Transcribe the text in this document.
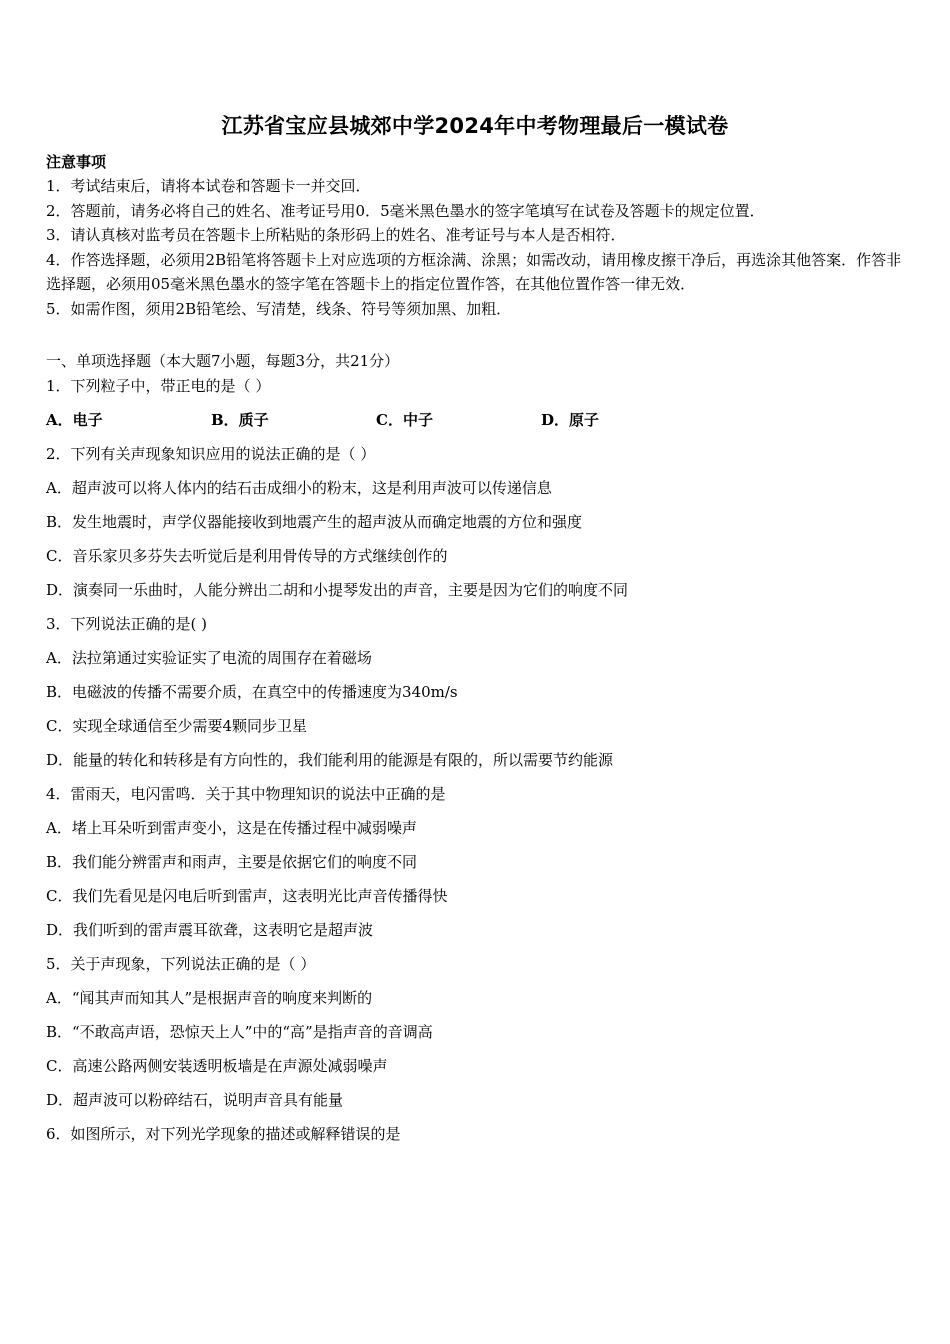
江苏省宝应县城郊中学2024年中考物理最后一模试卷
注意事项

1．考试结束后，请将本试卷和答题卡一并交回．

2．答题前，请务必将自己的姓名、准考证号用0．5毫米黑色墨水的签字笔填写在试卷及答题卡的规定位置．

3．请认真核对监考员在答题卡上所粘贴的条形码上的姓名、准考证号与本人是否相符．

4．作答选择题，必须用2B铅笔将答题卡上对应选项的方框涂满、涂黑；如需改动，请用橡皮擦干净后，再选涂其他答案．作答非选择题，必须用05毫米黑色墨水的签字笔在答题卡上的指定位置作答，在其他位置作答一律无效．

5．如需作图，须用2B铅笔绘、写清楚，线条、符号等须加黑、加粗．

一、单项选择题（本大题7小题，每题3分，共21分）
1．下列粒子中，带正电的是（ ）
A．电子	B．质子	C．中子	D．原子
2．下列有关声现象知识应用的说法正确的是（ ）
A．超声波可以将人体内的结石击成细小的粉末，这是利用声波可以传递信息
B．发生地震时，声学仪器能接收到地震产生的超声波从而确定地震的方位和强度
C．音乐家贝多芬失去听觉后是利用骨传导的方式继续创作的
D．演奏同一乐曲时，人能分辨出二胡和小提琴发出的声音，主要是因为它们的响度不同
3．下列说法正确的是( )
A．法拉第通过实验证实了电流的周围存在着磁场
B．电磁波的传播不需要介质，在真空中的传播速度为340m/s
C．实现全球通信至少需要4颗同步卫星
D．能量的转化和转移是有方向性的，我们能利用的能源是有限的，所以需要节约能源
4．雷雨天，电闪雷鸣．关于其中物理知识的说法中正确的是
A．堵上耳朵听到雷声变小，这是在传播过程中减弱噪声
B．我们能分辨雷声和雨声，主要是依据它们的响度不同
C．我们先看见是闪电后听到雷声，这表明光比声音传播得快
D．我们听到的雷声震耳欲聋，这表明它是超声波
5．关于声现象，下列说法正确的是（ ）
A．“闻其声而知其人”是根据声音的响度来判断的
B．“不敢高声语，恐惊天上人”中的“高”是指声音的音调高
C．高速公路两侧安装透明板墙是在声源处减弱噪声
D．超声波可以粉碎结石，说明声音具有能量
6．如图所示，对下列光学现象的描述或解释错误的是
